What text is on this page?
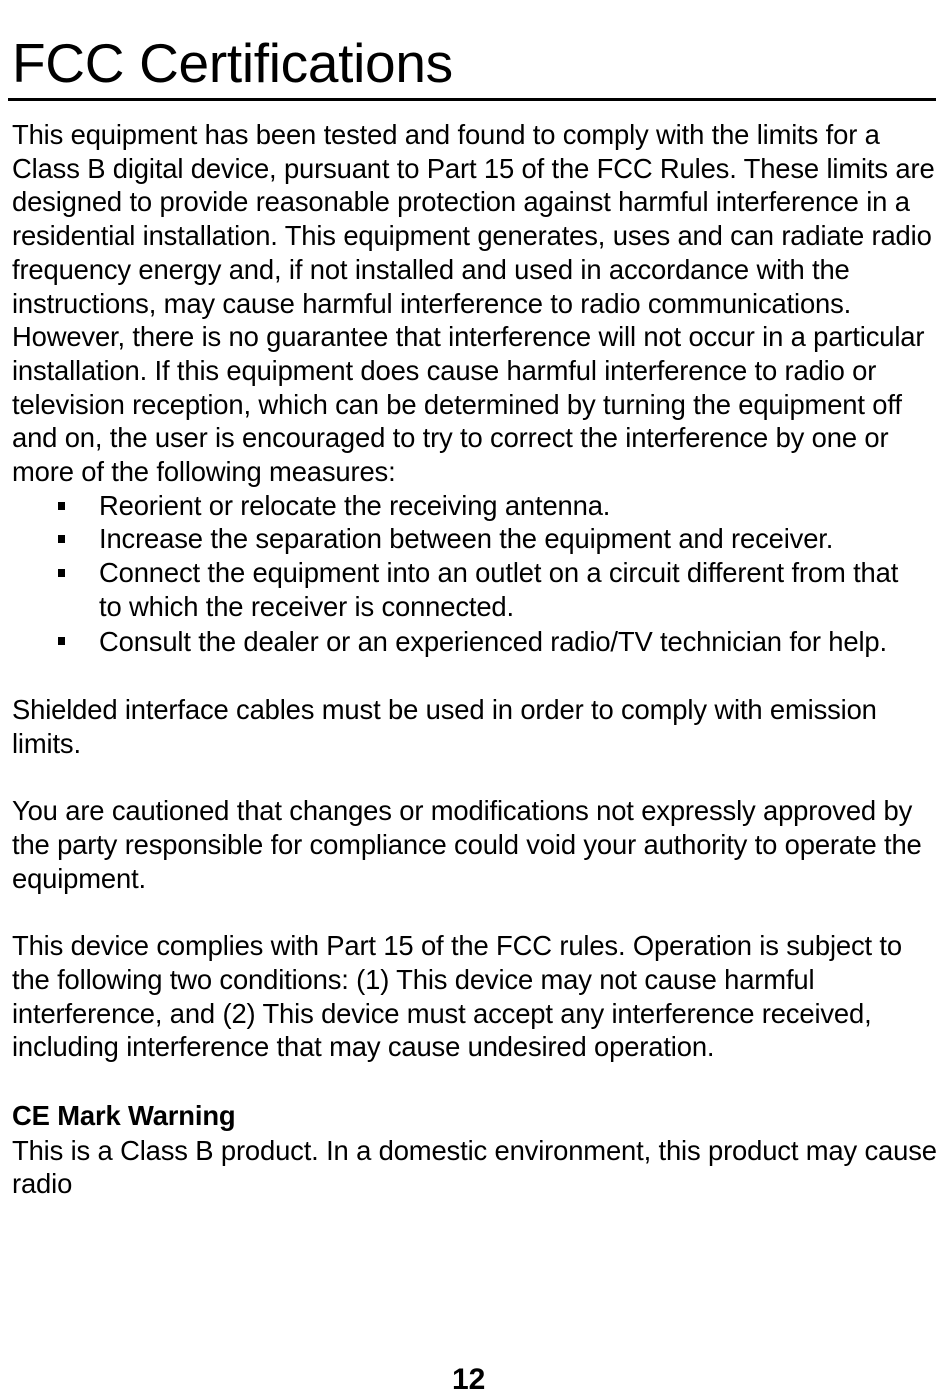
FCC Certifications

This equipment has been tested and found to comply with the limits for a Class B digital device, pursuant to Part 15 of the FCC Rules. These limits are designed to provide reasonable protection against harmful interference in a residential installation. This equipment generates, uses and can radiate radio frequency energy and, if not installed and used in accordance with the instructions, may cause harmful interference to radio communications. However, there is no guarantee that interference will not occur in a particular installation. If this equipment does cause harmful interference to radio or television reception, which can be determined by turning the equipment off and on, the user is encouraged to try to correct the interference by one or more of the following measures:

Reorient or relocate the receiving antenna.
Increase the separation between the equipment and receiver.
Connect the equipment into an outlet on a circuit different from that to which the receiver is connected.
Consult the dealer or an experienced radio/TV technician for help.

Shielded interface cables must be used in order to comply with emission limits.

You are cautioned that changes or modifications not expressly approved by the party responsible for compliance could void your authority to operate the equipment.

This device complies with Part 15 of the FCC rules. Operation is subject to the following two conditions: (1) This device may not cause harmful interference, and (2) This device must accept any interference received, including interference that may cause undesired operation.

CE Mark Warning

This is a Class B product. In a domestic environment, this product may cause radio

12
